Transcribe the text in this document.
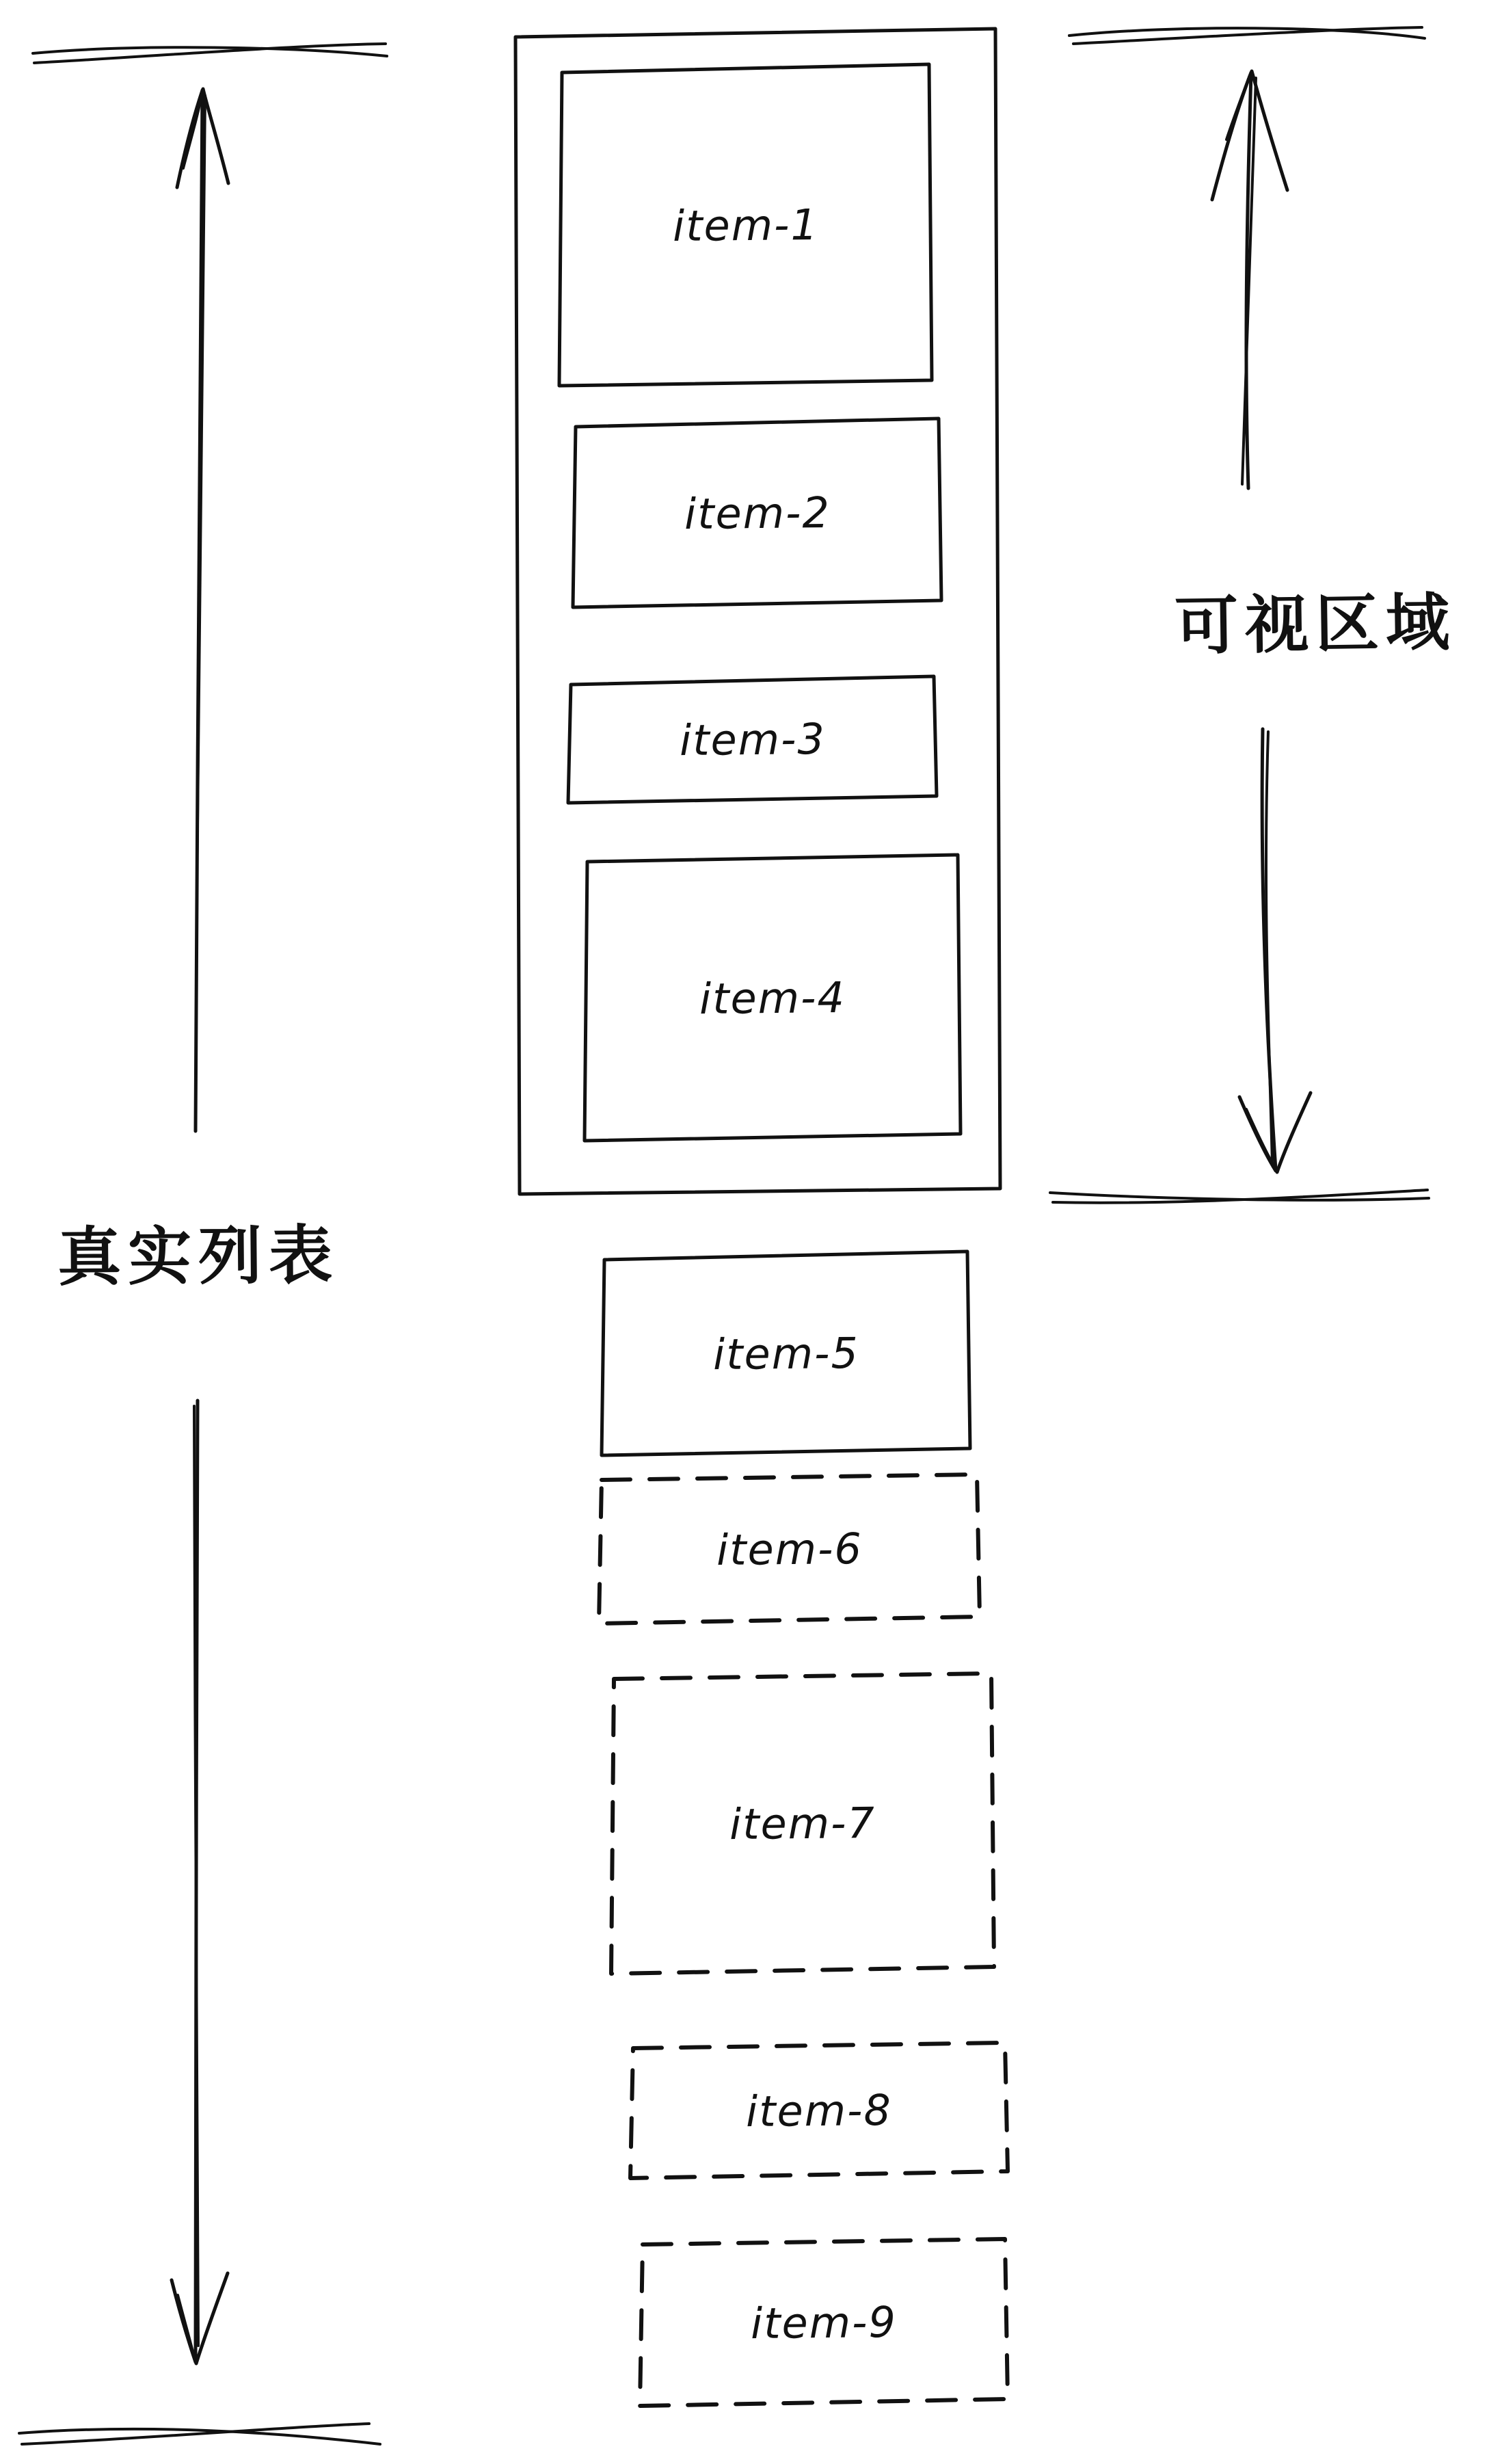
真实列表
可视区域
item-1
item-2
item-3
item-4
item-5
item-6
item-7
item-8
item-9
